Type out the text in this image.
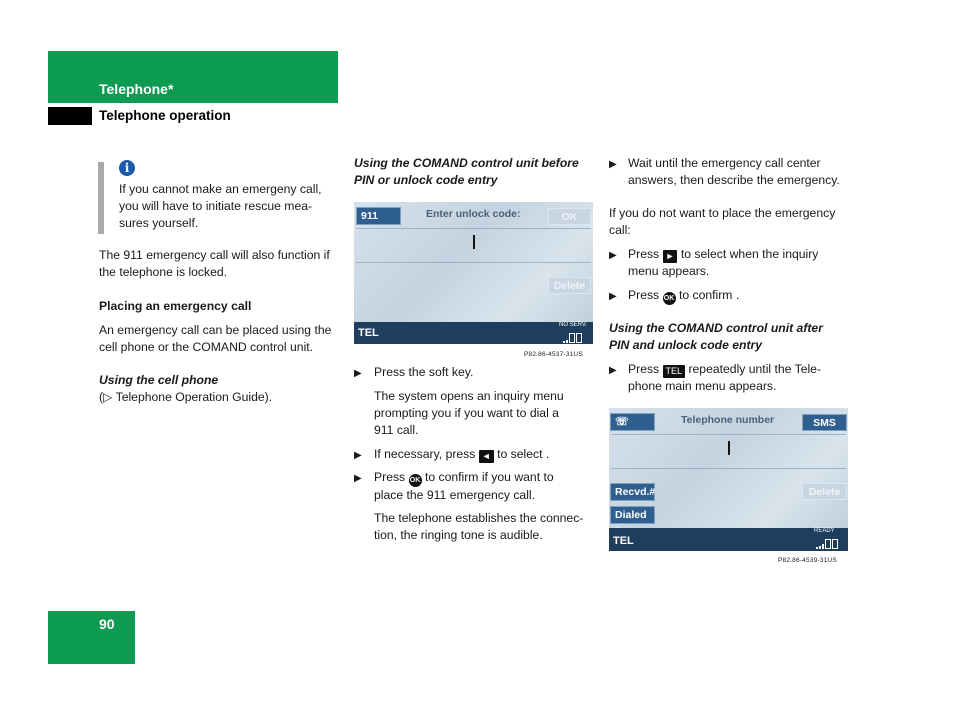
Telephone*
Telephone operation
i
If you cannot make an emergeny call,
you will have to initiate rescue mea-
sures yourself.
The 911 emergency call will also function if
the telephone is locked.
Placing an emergency call
An emergency call can be placed using the
cell phone or the COMAND control unit.
Using the cell phone
(▷ Telephone Operation Guide).
Using the COMAND control unit before
PIN or unlock code entry
911	Enter unlock code:	OK
Delete
TEL
NO SERV.
P82.86-4537-31US
▶ Press the soft key.
The system opens an inquiry menu
prompting you if you want to dial a
911 call.
▶ If necessary, press ◄ to select .
▶ Press OK to confirm if you want to
place the 911 emergency call.
The telephone establishes the connec-
tion, the ringing tone is audible.
▶ Wait until the emergency call center
answers, then describe the emergency.
If you do not want to place the emergency
call:
▶ Press ► to select when the inquiry
menu appears.
▶ Press OK to confirm .
Using the COMAND control unit after
PIN and unlock code entry
▶ Press TEL repeatedly until the Tele-
phone main menu appears.
☏	Telephone number	SMS
Recvd.#	Delete
Dialed
TEL
READY
P82.86-4539-31US
90
